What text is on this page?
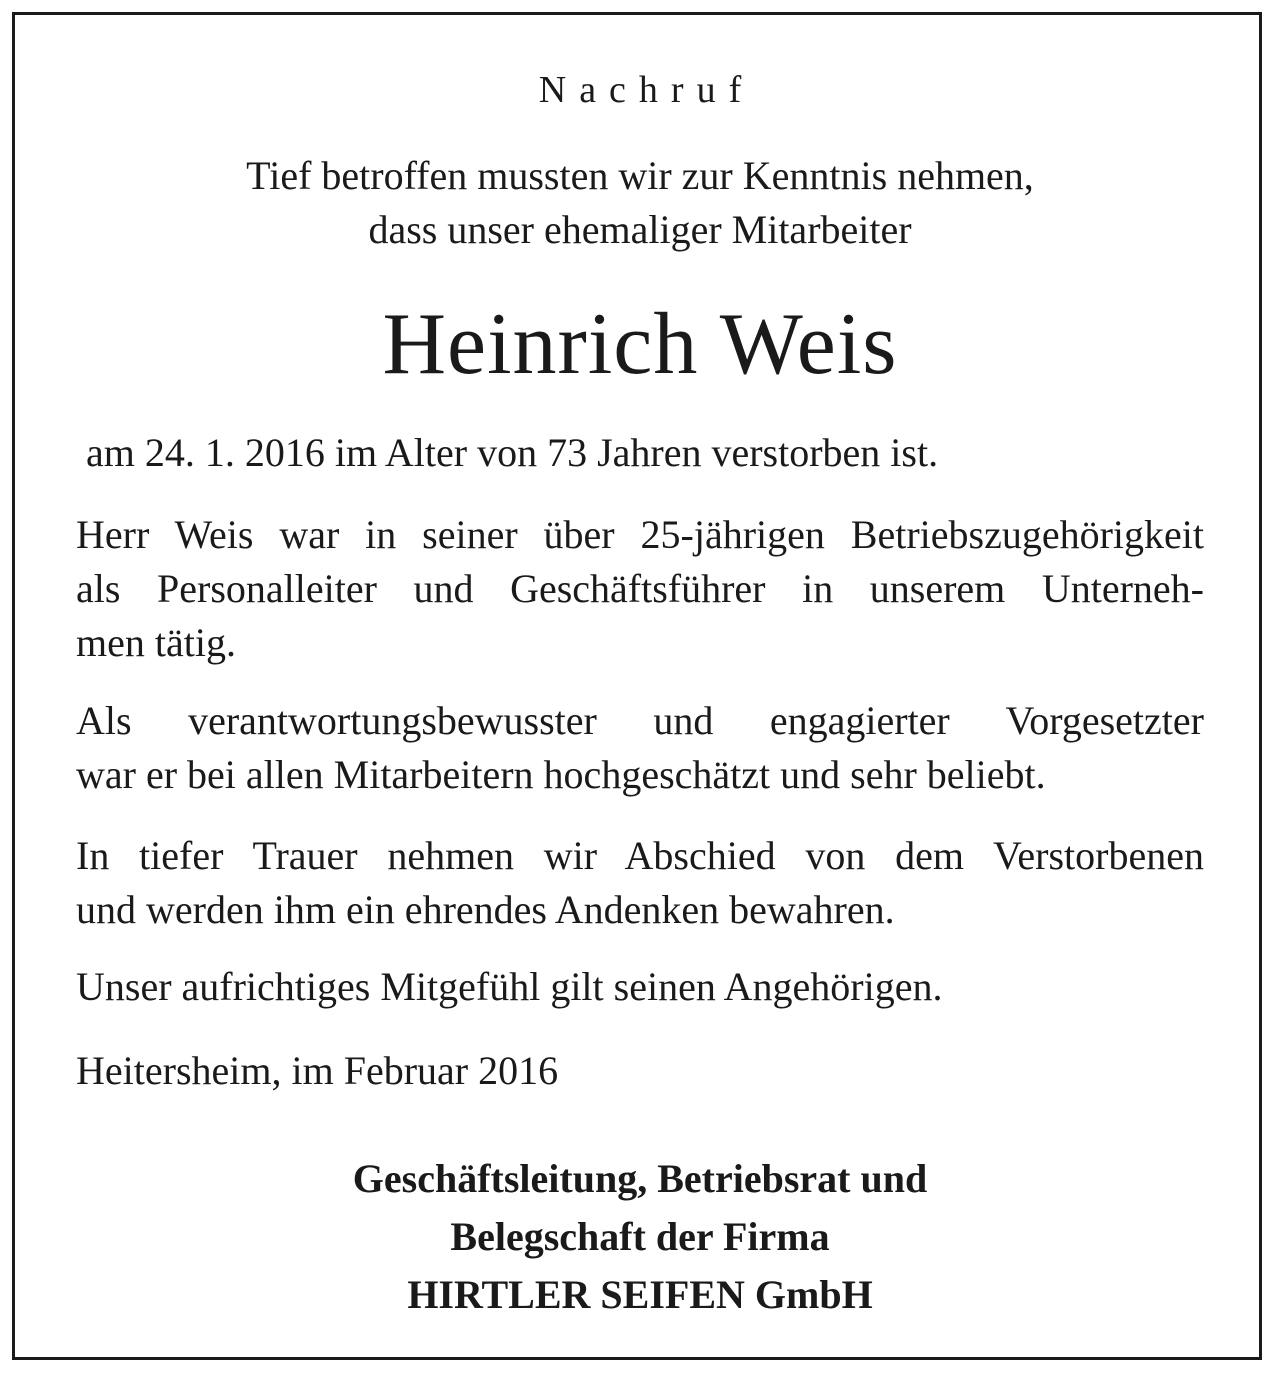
Nachruf
Tief betroffen mussten wir zur Kenntnis nehmen,
dass unser ehemaliger Mitarbeiter
Heinrich Weis
am 24. 1. 2016 im Alter von 73 Jahren verstorben ist.
Herr Weis war in seiner über 25-jährigen Betriebszugehörigkeit
als Personalleiter und Geschäftsführer in unserem Unterneh-
men tätig.
Als verantwortungsbewusster und engagierter Vorgesetzter
war er bei allen Mitarbeitern hochgeschätzt und sehr beliebt.
In tiefer Trauer nehmen wir Abschied von dem Verstorbenen
und werden ihm ein ehrendes Andenken bewahren.
Unser aufrichtiges Mitgefühl gilt seinen Angehörigen.
Heitersheim, im Februar 2016
Geschäftsleitung, Betriebsrat und
Belegschaft der Firma
HIRTLER SEIFEN GmbH
